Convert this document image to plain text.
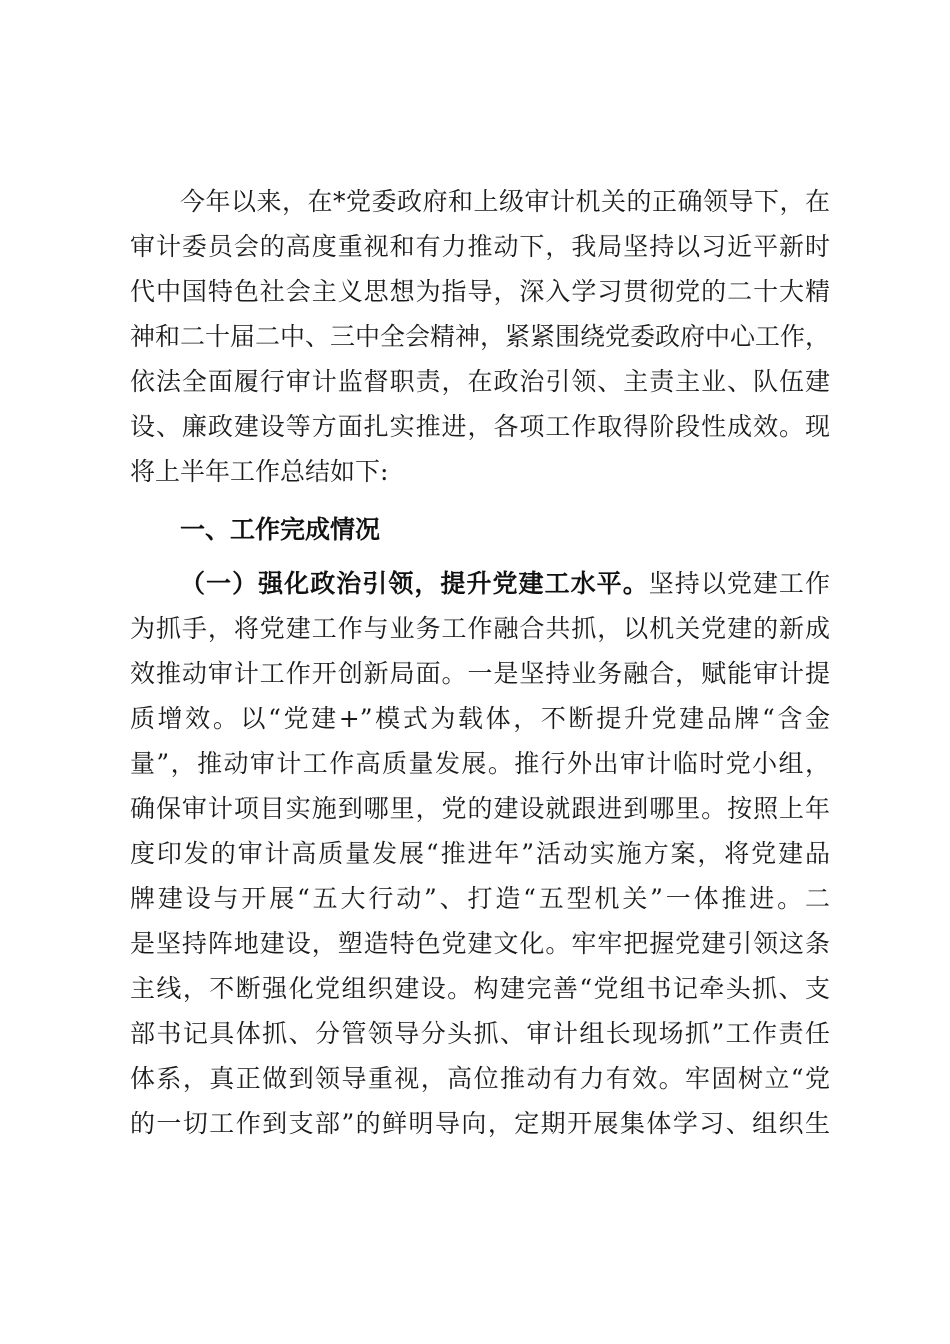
今年以来，在*党委政府和上级审计机关的正确领导下，在
审计委员会的高度重视和有力推动下，我局坚持以习近平新时
代中国特色社会主义思想为指导，深入学习贯彻党的二十大精
神和二十届二中、三中全会精神，紧紧围绕党委政府中心工作，
依法全面履行审计监督职责，在政治引领、主责主业、队伍建
设、廉政建设等方面扎实推进，各项工作取得阶段性成效。现
将上半年工作总结如下:
一、工作完成情况
（一）强化政治引领，提升党建工水平。坚持以党建工作
为抓手，将党建工作与业务工作融合共抓，以机关党建的新成
效推动审计工作开创新局面。一是坚持业务融合，赋能审计提
质增效。以“党建+”模式为载体，不断提升党建品牌“含金
量”，推动审计工作高质量发展。推行外出审计临时党小组，
确保审计项目实施到哪里，党的建设就跟进到哪里。按照上年
度印发的审计高质量发展“推进年”活动实施方案，将党建品
牌建设与开展“五大行动”、打造“五型机关”一体推进。二
是坚持阵地建设，塑造特色党建文化。牢牢把握党建引领这条
主线，不断强化党组织建设。构建完善“党组书记牵头抓、支
部书记具体抓、分管领导分头抓、审计组长现场抓”工作责任
体系，真正做到领导重视，高位推动有力有效。牢固树立“党
的一切工作到支部”的鲜明导向，定期开展集体学习、组织生
